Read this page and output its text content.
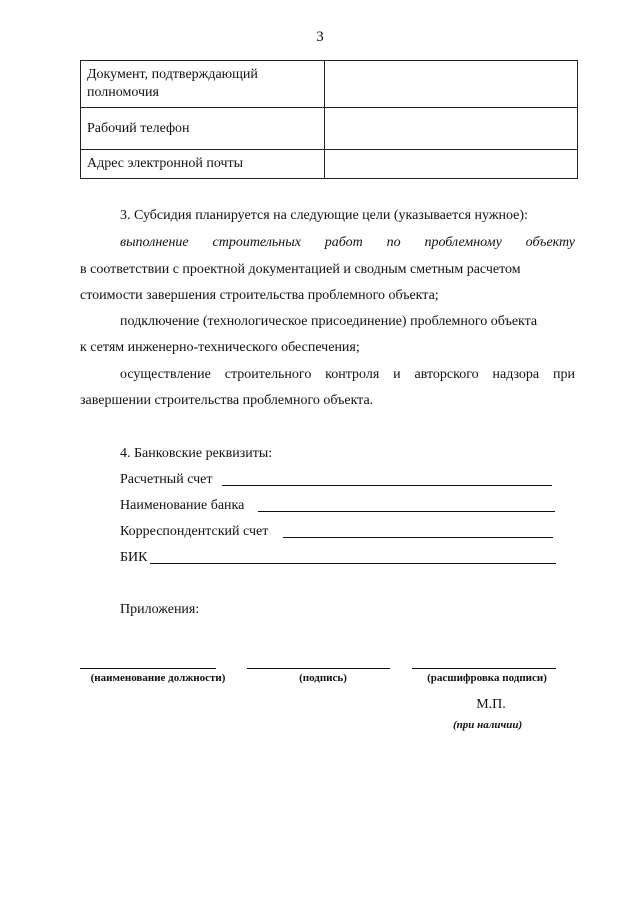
3
Документ, подтверждающий полномочия	
Рабочий телефон	
Адрес электронной почты	
3. Субсидия планируется на следующие цели (указывается нужное):
выполнение строительных работ по проблемному объекту
в соответствии с проектной документацией и сводным сметным расчетом
стоимости завершения строительства проблемного объекта;
подключение (технологическое присоединение) проблемного объекта
к сетям инженерно-технического обеспечения;
осуществление строительного контроля и авторского надзора при
завершении строительства проблемного объекта.
4. Банковские реквизиты:
Расчетный счет
Наименование банка
Корреспондентский счет
БИК
Приложения:
(наименование должности)	(подпись)	(расшифровка подписи)
М.П.
(при наличии)
